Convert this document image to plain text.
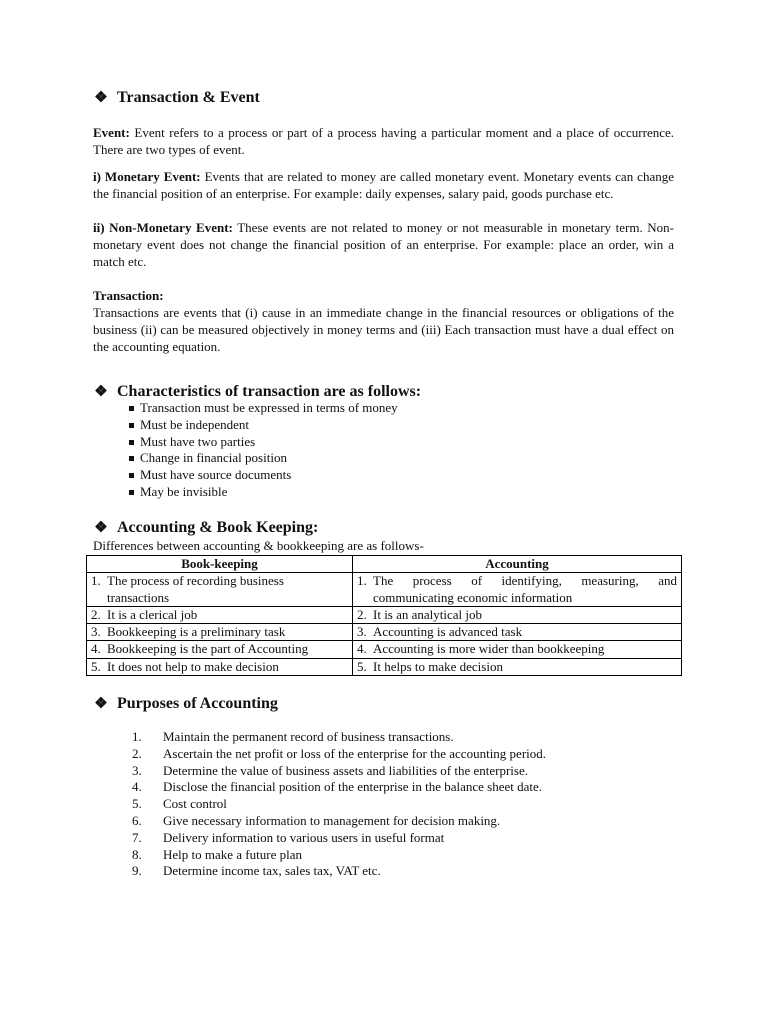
❖ Transaction & Event
Event: Event refers to a process or part of a process having a particular moment and a place of occurrence. There are two types of event.
i) Monetary Event: Events that are related to money are called monetary event. Monetary events can change the financial position of an enterprise. For example: daily expenses, salary paid, goods purchase etc.
ii) Non-Monetary Event: These events are not related to money or not measurable in monetary term. Non- monetary event does not change the financial position of an enterprise. For example: place an order, win a match etc.
Transaction:
Transactions are events that (i) cause in an immediate change in the financial resources or obligations of the business (ii) can be measured objectively in money terms and (iii) Each transaction must have a dual effect on the accounting equation.
❖ Characteristics of transaction are as follows:
Transaction must be expressed in terms of money
Must be independent
Must have two parties
Change in financial position
Must have source documents
May be invisible
❖ Accounting & Book Keeping:
Differences between accounting & bookkeeping are as follows-
Book-keeping	Accounting

1. The process of recording business transactions	1. The process of identifying, measuring, and communicating economic information

2. It is a clerical job	2. It is an analytical job

3. Bookkeeping is a preliminary task	3. Accounting is advanced task

4. Bookkeeping is the part of Accounting	4. Accounting is more wider than bookkeeping

5. It does not help to make decision	5. It helps to make decision
❖ Purposes of Accounting
1.	Maintain the permanent record of business transactions.
2.	Ascertain the net profit or loss of the enterprise for the accounting period.
3.	Determine the value of business assets and liabilities of the enterprise.
4.	Disclose the financial position of the enterprise in the balance sheet date.
5.	Cost control
6.	Give necessary information to management for decision making.
7.	Delivery information to various users in useful format
8.	Help to make a future plan
9.	Determine income tax, sales tax, VAT etc.
